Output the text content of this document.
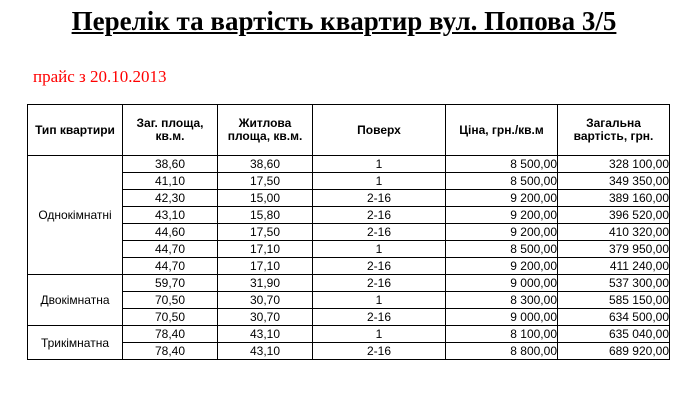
Перелік та вартість квартир вул. Попова 3/5
прайс з 20.10.2013
Тип квартири	Заг. площа, кв.м.	Житлова площа, кв.м.	Поверх	Ціна, грн./кв.м	Загальна вартість, грн.
Однокімнатні	38,60	38,60	1	8 500,00	328 100,00
	41,10	17,50	1	8 500,00	349 350,00
	42,30	15,00	2-16	9 200,00	389 160,00
	43,10	15,80	2-16	9 200,00	396 520,00
	44,60	17,50	2-16	9 200,00	410 320,00
	44,70	17,10	1	8 500,00	379 950,00
	44,70	17,10	2-16	9 200,00	411 240,00
Двокімнатна	59,70	31,90	2-16	9 000,00	537 300,00
	70,50	30,70	1	8 300,00	585 150,00
	70,50	30,70	2-16	9 000,00	634 500,00
Трикімнатна	78,40	43,10	1	8 100,00	635 040,00
	78,40	43,10	2-16	8 800,00	689 920,00
